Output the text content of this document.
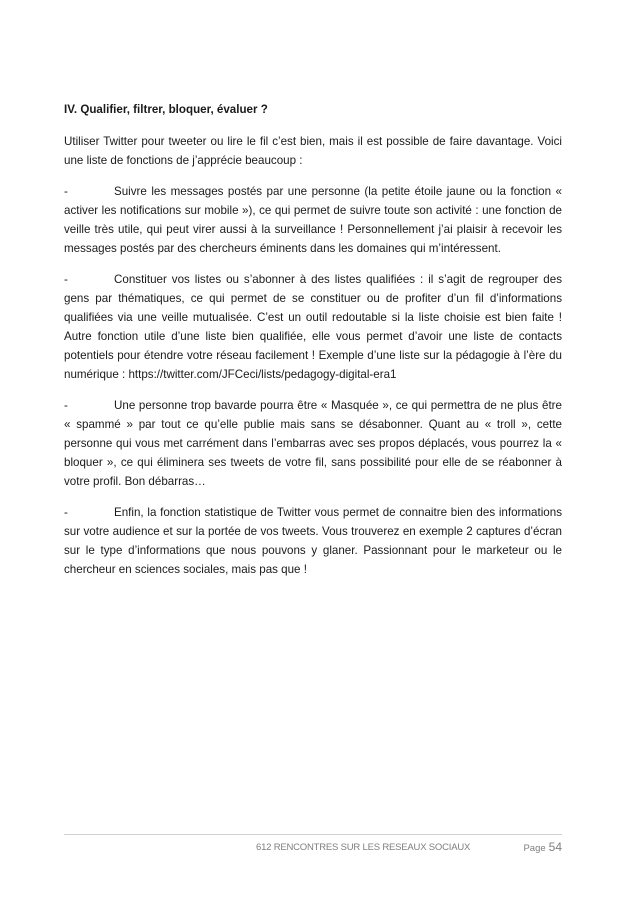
IV. Qualifier, filtrer, bloquer, évaluer ?

Utiliser Twitter pour tweeter ou lire le fil c’est bien, mais il est possible de faire davantage. Voici une liste de fonctions de j’apprécie beaucoup :

-	Suivre les messages postés par une personne (la petite étoile jaune ou la fonction « activer les notifications sur mobile »), ce qui permet de suivre toute son activité : une fonction de veille très utile, qui peut virer aussi à la surveillance ! Personnellement j’ai plaisir à recevoir les messages postés par des chercheurs éminents dans les domaines qui m’intéressent.
-	Constituer vos listes ou s’abonner à des listes qualifiées : il s’agit de regrouper des gens par thématiques, ce qui permet de se constituer ou de profiter d’un fil d’informations qualifiées via une veille mutualisée. C’est un outil redoutable si la liste choisie est bien faite ! Autre fonction utile d’une liste bien qualifiée, elle vous permet d’avoir une liste de contacts potentiels pour étendre votre réseau facilement ! Exemple d’une liste sur la pédagogie à l’ère du numérique : https://twitter.com/JFCeci/lists/pedagogy-digital-era1
-	Une personne trop bavarde pourra être « Masquée », ce qui permettra de ne plus être « spammé » par tout ce qu’elle publie mais sans se désabonner. Quant au « troll », cette personne qui vous met carrément dans l’embarras avec ses propos déplacés, vous pourrez la « bloquer », ce qui éliminera ses tweets de votre fil, sans possibilité pour elle de se réabonner à votre profil. Bon débarras…
-	Enfin, la fonction statistique de Twitter vous permet de connaitre bien des informations sur votre audience et sur la portée de vos tweets. Vous trouverez en exemple 2 captures d’écran sur le type d’informations que nous pouvons y glaner. Passionnant pour le marketeur ou le chercheur en sciences sociales, mais pas que !
612 RENCONTRES SUR LES RESEAUX SOCIAUX	Page 54
